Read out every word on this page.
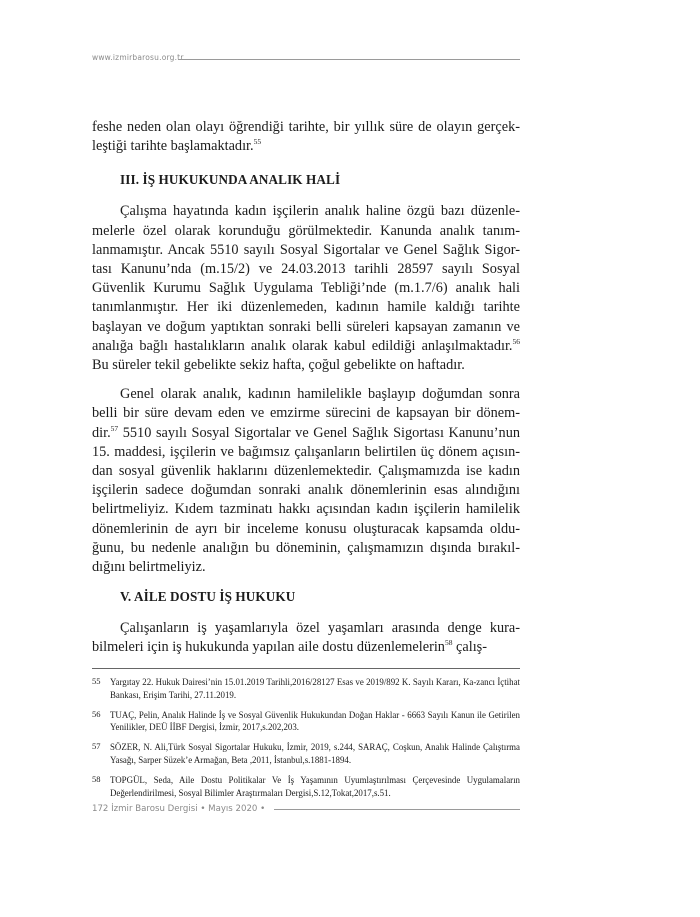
www.izmirbarosu.org.tr

feshe neden olan olayı öğrendiği tarihte, bir yıllık süre de olayın gerçek-leştiği tarihte başlamaktadır.$^{55}$

III. İŞ HUKUKUNDA ANALIK HALİ

Çalışma hayatında kadın işçilerin analık haline özgü bazı düzenle-melerle özel olarak korunduğu görülmektedir. Kanunda analık tanım-lanmamıştır. Ancak 5510 sayılı Sosyal Sigortalar ve Genel Sağlık Sigor-tası Kanunu’nda (m.15/2) ve 24.03.2013 tarihli 28597 sayılı Sosyal Güvenlik Kurumu Sağlık Uygulama Tebliği’nde (m.1.7/6) analık hali tanımlanmıştır. Her iki düzenlemeden, kadının hamile kaldığı tarihte başlayan ve doğum yaptıktan sonraki belli süreleri kapsayan zamanın ve analığa bağlı hastalıkların analık olarak kabul edildiği anlaşılmaktadır.$^{56}$ Bu süreler tekil gebelikte sekiz hafta, çoğul gebelikte on haftadır.

Genel olarak analık, kadının hamilelikle başlayıp doğumdan sonra belli bir süre devam eden ve emzirme sürecini de kapsayan bir dönem-dir.$^{57}$ 5510 sayılı Sosyal Sigortalar ve Genel Sağlık Sigortası Kanunu’nun 15. maddesi, işçilerin ve bağımsız çalışanların belirtilen üç dönem açısın-dan sosyal güvenlik haklarını düzenlemektedir. Çalışmamızda ise kadın işçilerin sadece doğumdan sonraki analık dönemlerinin esas alındığını belirtmeliyiz. Kıdem tazminatı hakkı açısından kadın işçilerin hamilelik dönemlerinin de ayrı bir inceleme konusu oluşturacak kapsamda oldu-ğunu, bu nedenle analığın bu döneminin, çalışmamızın dışında bırakıl-dığını belirtmeliyiz.

V. AİLE DOSTU İŞ HUKUKU

Çalışanların iş yaşamlarıyla özel yaşamları arasında denge kura-bilmeleri için iş hukukunda yapılan aile dostu düzenlemelerin$^{58}$ çalış-

55	Yargıtay 22. Hukuk Dairesi’nin 15.01.2019 Tarihli,2016/28127 Esas ve 2019/892 K. Sayılı Kararı, Ka-zancı İçtihat Bankası, Erişim Tarihi, 27.11.2019.
56	TUAÇ, Pelin, Analık Halinde İş ve Sosyal Güvenlik Hukukundan Doğan Haklar - 6663 Sayılı Kanun ile Getirilen Yenilikler, DEÜ İİBF Dergisi, İzmir, 2017,s.202,203.
57	SÖZER, N. Ali,Türk Sosyal Sigortalar Hukuku, İzmir, 2019, s.244, SARAÇ, Coşkun, Analık Halinde Çalıştırma Yasağı, Sarper Süzek’e Armağan, Beta ,2011, İstanbul,s.1881-1894.
58	TOPGÜL, Seda, Aile Dostu Politikalar Ve İş Yaşamının Uyumlaştırılması Çerçevesinde Uygulamaların Değerlendirilmesi, Sosyal Bilimler Araştırmaları Dergisi,S.12,Tokat,2017,s.51.
172 İzmir Barosu Dergisi • Mayıs 2020 •
